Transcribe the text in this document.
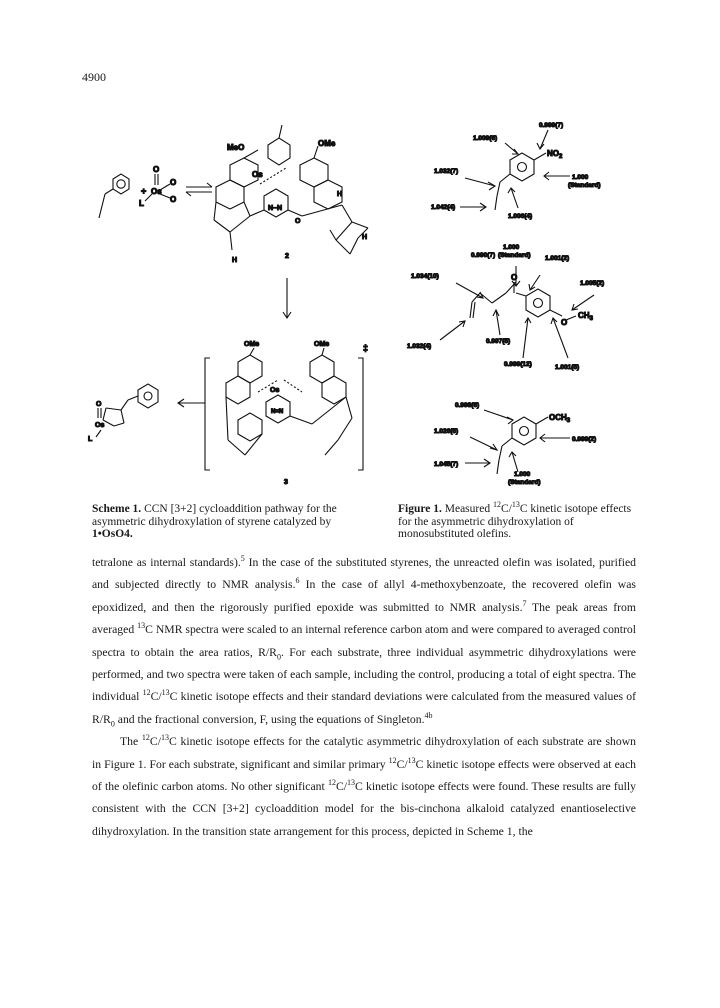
4900
+ Os
O
O
O
L
MeO	OMe
Os
N–N
H
H
H
O
2
‡
OMe	OMe
Os
N=N
3
Os
O
L
0.999(7)
1.009(6)
1.032(7)
1.000
(Standard)
1.042(4)
1.006(4)
$NO_2$
1.000
(Standard)
0.990(7)	1.001(2)
1.034(10)
1.005(2)
1.032(4)
0.997(5)
0.999(12)	1.001(5)
O
$CH_3$
O
0.998(6)
1.026(5)
0.999(2)
1.045(7)
1.000
(Standard)
$OCH_3$
Scheme 1. CCN [3+2] cycloaddition pathway for the asymmetric dihydroxylation of styrene catalyzed by 1•OsO4.
Figure 1. Measured $^{12}$C/$^{13}$C kinetic isotope effects for the asymmetric dihydroxylation of monosubstituted olefins.

tetralone as internal standards).$^5$ In the case of the substituted styrenes, the unreacted olefin was isolated, purified and subjected directly to NMR analysis.$^6$ In the case of allyl 4-methoxybenzoate, the recovered olefin was epoxidized, and then the rigorously purified epoxide was submitted to NMR analysis.$^7$ The peak areas from averaged $^{13}$C NMR spectra were scaled to an internal reference carbon atom and were compared to averaged control spectra to obtain the area ratios, $R/R_0$. For each substrate, three individual asymmetric dihydroxylations were performed, and two spectra were taken of each sample, including the control, producing a total of eight spectra. The individual $^{12}$C/$^{13}$C kinetic isotope effects and their standard deviations were calculated from the measured values of $R/R_0$ and the fractional conversion, F, using the equations of Singleton.$^{4b}$

The $^{12}$C/$^{13}$C kinetic isotope effects for the catalytic asymmetric dihydroxylation of each substrate are shown in Figure 1. For each substrate, significant and similar primary $^{12}$C/$^{13}$C kinetic isotope effects were observed at each of the olefinic carbon atoms. No other significant $^{12}$C/$^{13}$C kinetic isotope effects were found. These results are fully consistent with the CCN [3+2] cycloaddition model for the bis-cinchona alkaloid catalyzed enantioselective dihydroxylation. In the transition state arrangement for this process, depicted in Scheme 1, the
